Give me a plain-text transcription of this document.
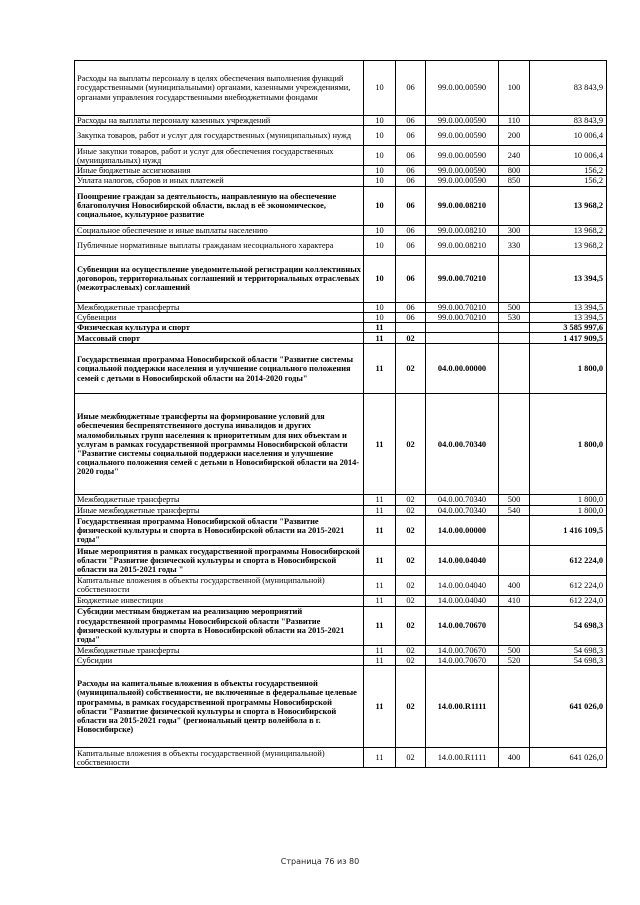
Расходы на выплаты персоналу в целях обеспечения выполнения функций государственными (муниципальными) органами, казенными учреждениями, органами управления государственными внебюджетными фондами	10	06	99.0.00.00590	100	83 843,9
Расходы на выплаты персоналу казенных учреждений	10	06	99.0.00.00590	110	83 843,9
Закупка товаров, работ и услуг для государственных (муниципальных) нужд	10	06	99.0.00.00590	200	10 006,4
Иные закупки товаров, работ и услуг для обеспечения государственных (муниципальных) нужд	10	06	99.0.00.00590	240	10 006,4
Иные бюджетные ассигнования	10	06	99.0.00.00590	800	156,2
Уплата налогов, сборов и иных платежей	10	06	99.0.00.00590	850	156,2
Поощрение граждан за деятельность, направленную на обеспечение благополучия Новосибирской области, вклад в её экономическое, социальное, культурное развитие	10	06	99.0.00.08210		13 968,2
Социальное обеспечение и иные выплаты населению	10	06	99.0.00.08210	300	13 968,2
Публичные нормативные выплаты гражданам несоциального характера	10	06	99.0.00.08210	330	13 968,2
Субвенции на осуществление уведомительной регистрации коллективных договоров, территориальных соглашений и территориальных отраслевых (межотраслевых) соглашений	10	06	99.0.00.70210		13 394,5
Межбюджетные трансферты	10	06	99.0.00.70210	500	13 394,5
Субвенции	10	06	99.0.00.70210	530	13 394,5
Физическая культура и спорт	11				3 585 997,6
Массовый спорт	11	02			1 417 909,5
Государственная программа Новосибирской области "Развитие системы социальной поддержки населения и улучшение социального положения семей с детьми в Новосибирской области на 2014-2020 годы"	11	02	04.0.00.00000		1 800,0
Иные межбюджетные трансферты на формирование условий для обеспечения беспрепятственного доступа инвалидов и других маломобильных групп населения к приоритетным для них объектам и услугам в рамках государственной программы Новосибирской области "Развитие системы социальной поддержки населения и улучшение социального положения семей с детьми в Новосибирской области на 2014-2020 годы"	11	02	04.0.00.70340		1 800,0
Межбюджетные трансферты	11	02	04.0.00.70340	500	1 800,0
Иные межбюджетные трансферты	11	02	04.0.00.70340	540	1 800,0
Государственная программа Новосибирской области "Развитие физической культуры и спорта в Новосибирской области на 2015-2021 годы"	11	02	14.0.00.00000		1 416 109,5
Иные мероприятия в рамках государственной программы Новосибирской области "Развитие физической культуры и спорта в Новосибирской области на 2015-2021 годы "	11	02	14.0.00.04040		612 224,0
Капитальные вложения в объекты государственной (муниципальной) собственности	11	02	14.0.00.04040	400	612 224,0
Бюджетные инвестиции	11	02	14.0.00.04040	410	612 224,0
Субсидии местным бюджетам на реализацию мероприятий государственной программы Новосибирской области "Развитие физической культуры и спорта в Новосибирской области на 2015-2021 годы"	11	02	14.0.00.70670		54 698,3
Межбюджетные трансферты	11	02	14.0.00.70670	500	54 698,3
Субсидии	11	02	14.0.00.70670	520	54 698,3
Расходы на капитальные вложения в объекты государственной (муниципальной) собственности, не включенные в федеральные целевые программы, в рамках государственной программы Новосибирской области "Развитие физической культуры и спорта в Новосибирской области на 2015-2021 годы" (региональный центр волейбола в г. Новосибирске)	11	02	14.0.00.R1111		641 026,0
Капитальные вложения в объекты государственной (муниципальной) собственности	11	02	14.0.00.R1111	400	641 026,0
Страница 76 из 80
